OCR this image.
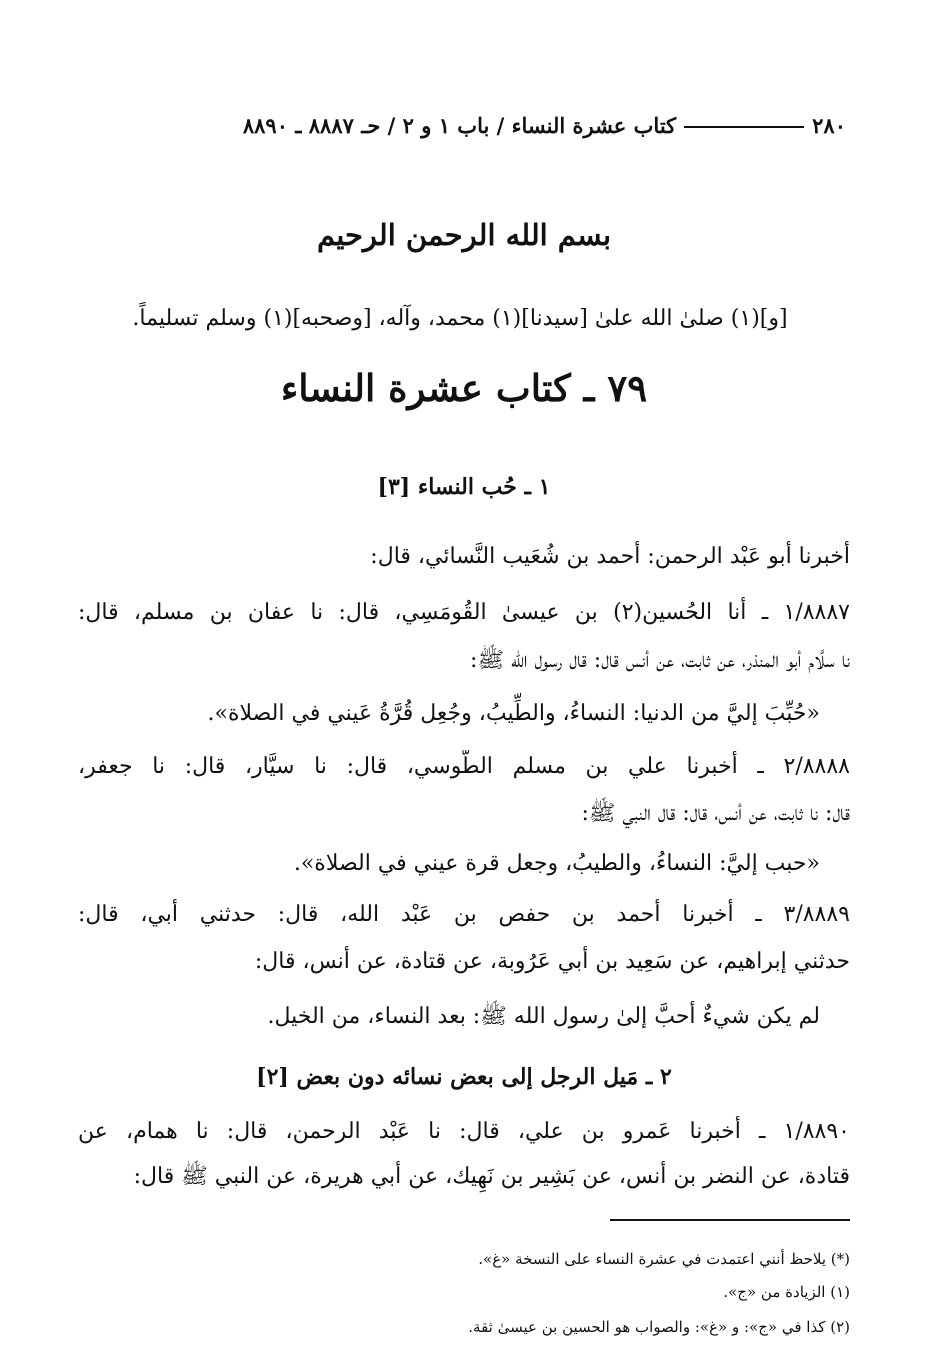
٢٨٠
كتاب عشرة النساء / باب ١ و ٢ / حـ ٨٨٨٧ ـ ٨٨٩٠
بسم الله الرحمن الرحيم
[و](١) صلىٰ الله علىٰ [سيدنا](١) محمد، وآله، [وصحبه](١) وسلم تسليماً.
٧٩ ـ كتاب عشرة النساء
١ ـ حُب النساء [٣]
أخبرنا أبو عَبْد الرحمن: أحمد بن شُعَيب النَّسائي، قال:
١/٨٨٨٧ ـ أنا الحُسين(٢) بن عيسىٰ القُومَسِي، قال: نا عفان بن مسلم، قال:
نا سلَّام أبو المنذر، عن ثابت، عن أنس قال: قال رسول الله ﷺ:
«حُبِّبَ إليَّ من الدنيا: النساءُ، والطِّيبُ، وجُعِل قُرَّةُ عَيني في الصلاة».
٢/٨٨٨٨ ـ أخبرنا علي بن مسلم الطُّوسي، قال: نا سيَّار، قال: نا جعفر،
قال: نا ثابت، عن أنس، قال: قال النبي ﷺ:
«حبب إليَّ: النساءُ، والطيبُ، وجعل قرة عيني في الصلاة».
٣/٨٨٨٩ ـ أخبرنا أحمد بن حفص بن عَبْد الله، قال: حدثني أبي، قال:
حدثني إبراهيم، عن سَعِيد بن أبي عَرُوبة، عن قتادة، عن أنس، قال:
لم يكن شيءٌ أحبَّ إلىٰ رسول الله ﷺ: بعد النساء، من الخيل.
٢ ـ مَيل الرجل إلى بعض نسائه دون بعض [٢]
١/٨٨٩٠ ـ أخبرنا عَمرو بن علي، قال: نا عَبْد الرحمن، قال: نا همام، عن
قتادة، عن النضر بن أنس، عن بَشِير بن نَهِيك، عن أبي هريرة، عن النبي ﷺ قال:
(*) يلاحظ أنني اعتمدت في عشرة النساء على النسخة «غ».
(١) الزيادة من «ج».
(٢) كذا في «ج»: و «غ»: والصواب هو الحسين بن عيسىٰ ثقة.
